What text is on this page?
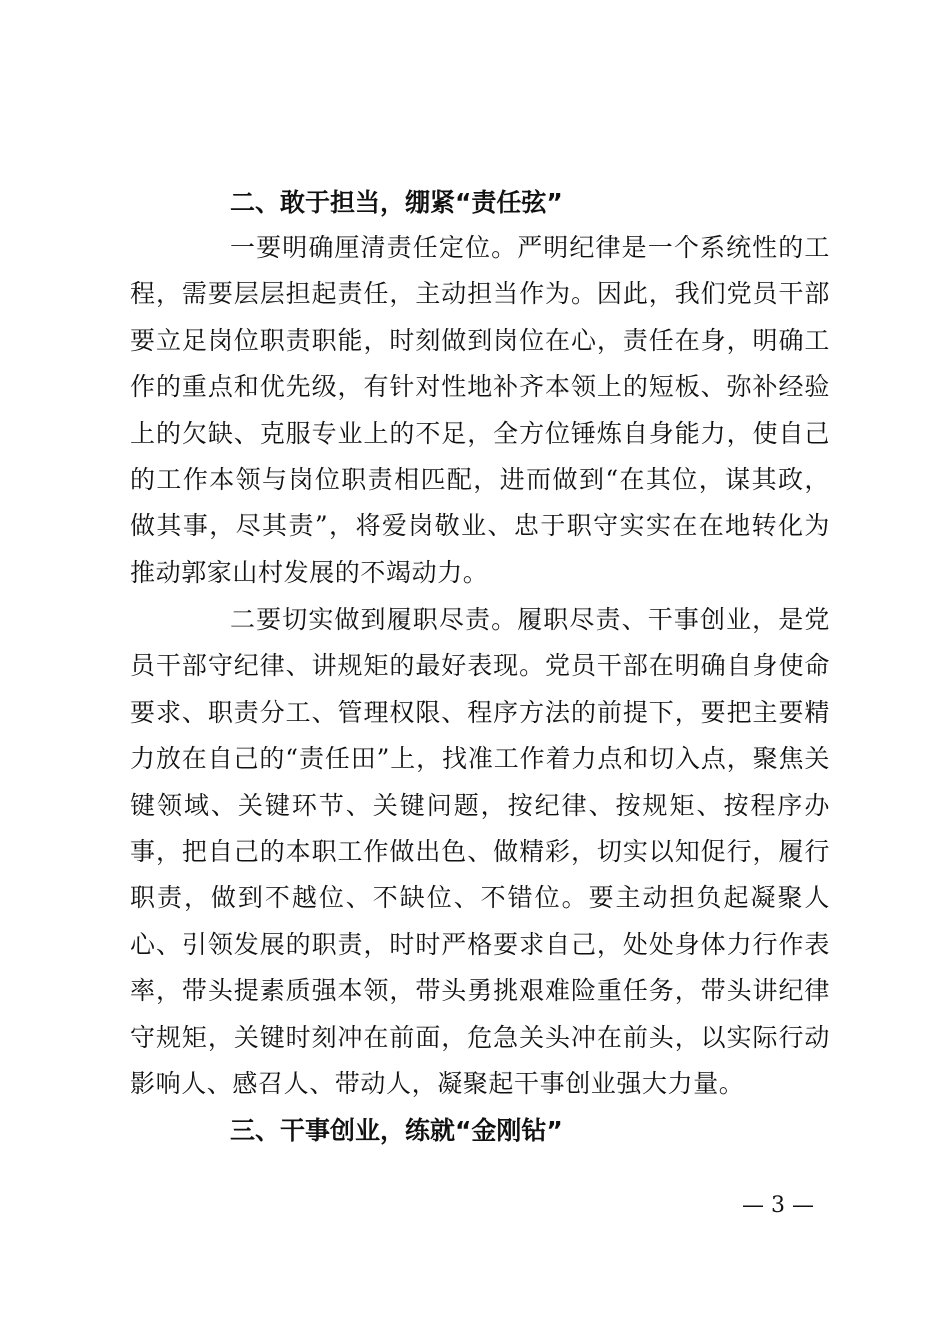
二、敢于担当，绷紧“责任弦”

一要明确厘清责任定位。严明纪律是一个系统性的工程，需要层层担起责任，主动担当作为。因此，我们党员干部要立足岗位职责职能，时刻做到岗位在心，责任在身，明确工作的重点和优先级，有针对性地补齐本领上的短板、弥补经验上的欠缺、克服专业上的不足，全方位锤炼自身能力，使自己的工作本领与岗位职责相匹配，进而做到“在其位，谋其政，做其事，尽其责”，将爱岗敬业、忠于职守实实在在地转化为推动郭家山村发展的不竭动力。

二要切实做到履职尽责。履职尽责、干事创业，是党员干部守纪律、讲规矩的最好表现。党员干部在明确自身使命要求、职责分工、管理权限、程序方法的前提下，要把主要精力放在自己的“责任田”上，找准工作着力点和切入点，聚焦关键领域、关键环节、关键问题，按纪律、按规矩、按程序办事，把自己的本职工作做出色、做精彩，切实以知促行，履行职责，做到不越位、不缺位、不错位。要主动担负起凝聚人心、引领发展的职责，时时严格要求自己，处处身体力行作表率，带头提素质强本领，带头勇挑艰难险重任务，带头讲纪律守规矩，关键时刻冲在前面，危急关头冲在前头，以实际行动影响人、感召人、带动人，凝聚起干事创业强大力量。

三、干事创业，练就“金刚钻”
— 3 —
